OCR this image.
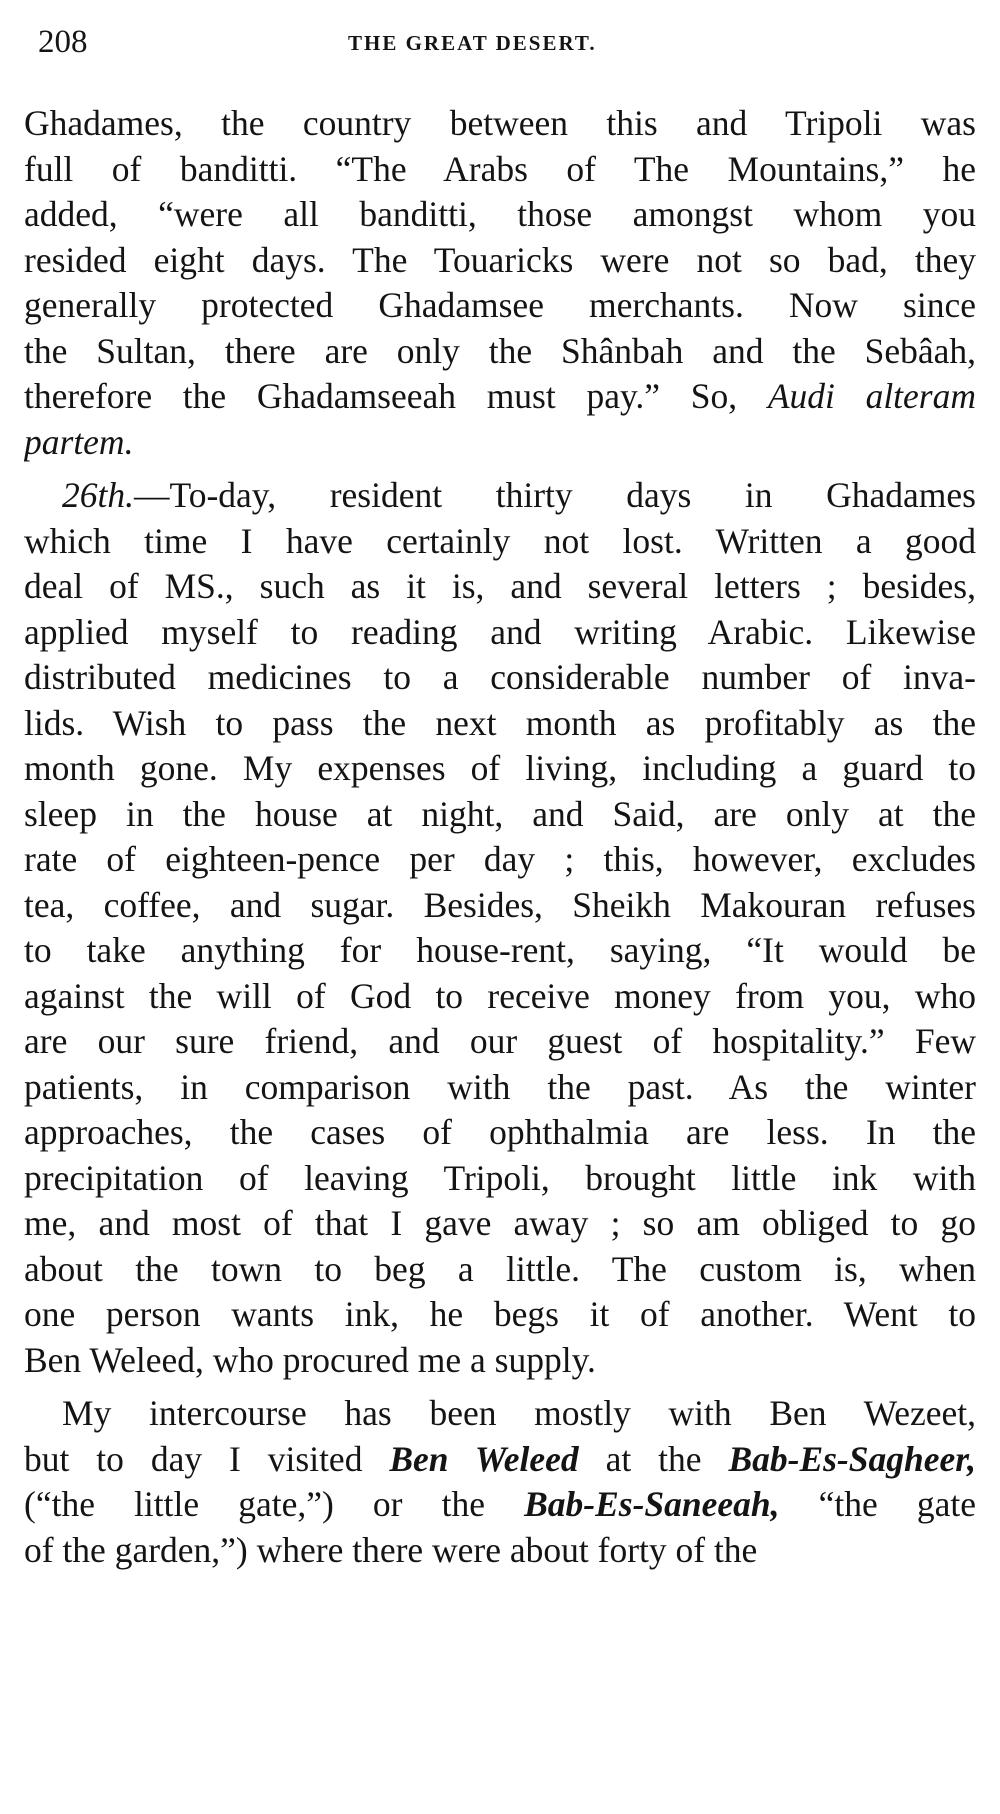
208	THE GREAT DESERT.
Ghadames, the country between this and Tripoli was
full of banditti. “The Arabs of The Mountains,” he
added, “were all banditti, those amongst whom you
resided eight days. The Touaricks were not so bad, they
generally protected Ghadamsee merchants. Now since
the Sultan, there are only the Shânbah and the Sebâah,
therefore the Ghadamseeah must pay.” So, Audi alteram
partem.
26th.—To-day, resident thirty days in Ghadames
which time I have certainly not lost. Written a good
deal of MS., such as it is, and several letters ; besides,
applied myself to reading and writing Arabic. Likewise
distributed medicines to a considerable number of inva-
lids. Wish to pass the next month as profitably as the
month gone. My expenses of living, including a guard to
sleep in the house at night, and Said, are only at the
rate of eighteen-pence per day ; this, however, excludes
tea, coffee, and sugar. Besides, Sheikh Makouran refuses
to take anything for house-rent, saying, “It would be
against the will of God to receive money from you, who
are our sure friend, and our guest of hospitality.” Few
patients, in comparison with the past. As the winter
approaches, the cases of ophthalmia are less. In the
precipitation of leaving Tripoli, brought little ink with
me, and most of that I gave away ; so am obliged to go
about the town to beg a little. The custom is, when
one person wants ink, he begs it of another. Went to
Ben Weleed, who procured me a supply.
My intercourse has been mostly with Ben Wezeet,
but to day I visited Ben Weleed at the Bab-Es-Sagheer,
(“the little gate,”) or the Bab-Es-Saneeah, “the gate
of the garden,”) where there were about forty of the
